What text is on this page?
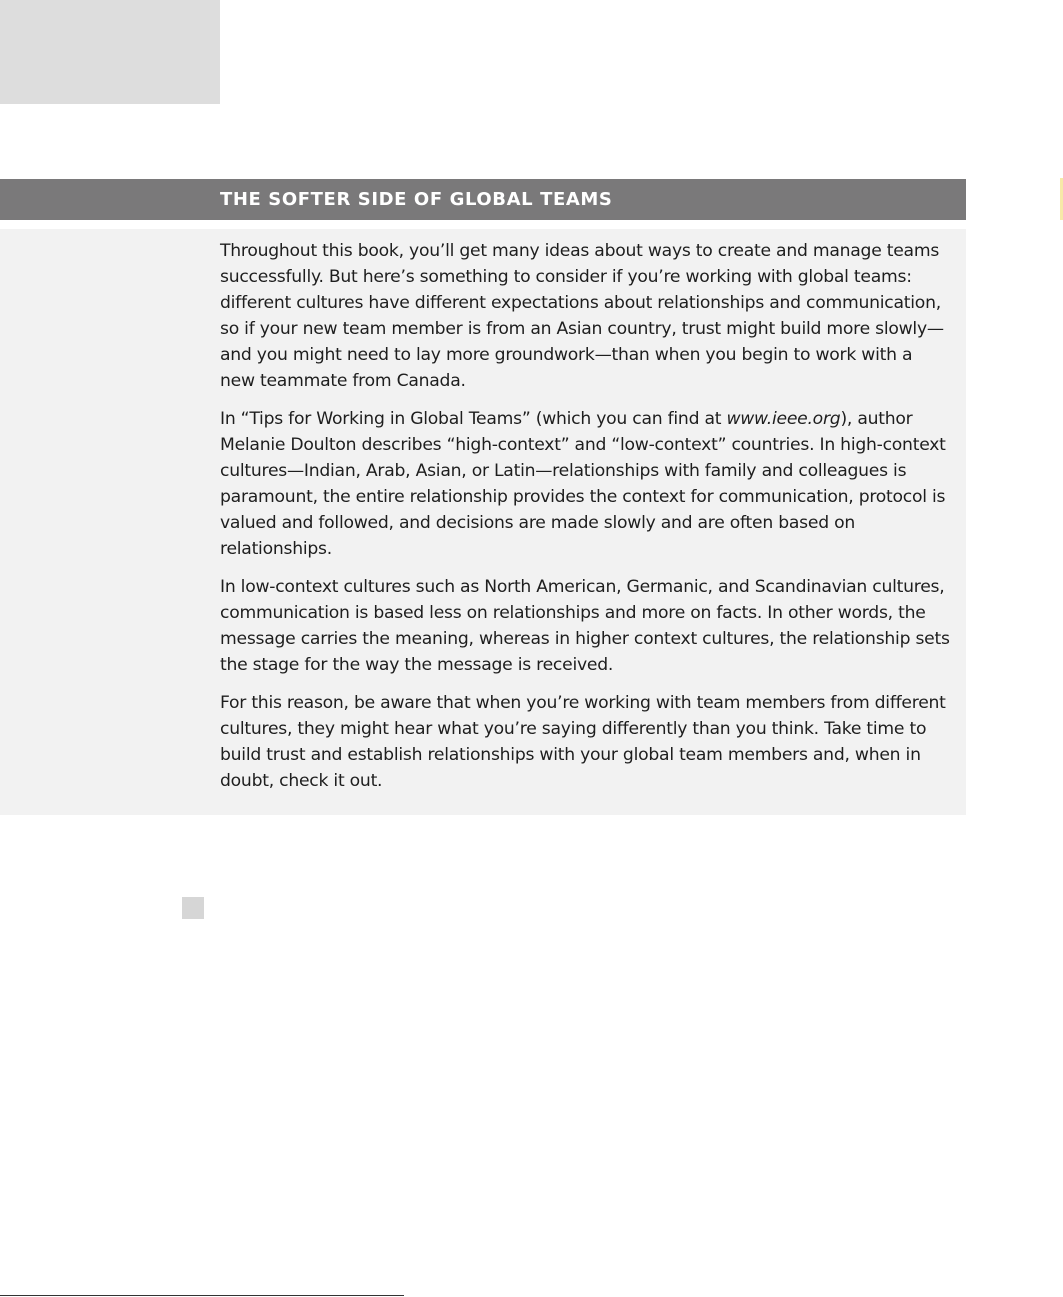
THE SOFTER SIDE OF GLOBAL TEAMS

Throughout this book, you’ll get many ideas about ways to create and manage teams successfully. But here’s something to consider if you’re working with global teams: different cultures have different expectations about relationships and communication, so if your new team member is from an Asian country, trust might build more slowly—and you might need to lay more groundwork—than when you begin to work with a new teammate from Canada.

In “Tips for Working in Global Teams” (which you can find at www.ieee.org), author Melanie Doulton describes “high-context” and “low-context” countries. In high-context cultures—Indian, Arab, Asian, or Latin—relationships with family and colleagues is paramount, the entire relationship provides the context for communication, protocol is valued and followed, and decisions are made slowly and are often based on relationships.

In low-context cultures such as North American, Germanic, and Scandinavian cultures, communication is based less on relationships and more on facts. In other words, the message carries the meaning, whereas in higher context cultures, the relationship sets the stage for the way the message is received.

For this reason, be aware that when you’re working with team members from different cultures, they might hear what you’re saying differently than you think. Take time to build trust and establish relationships with your global team members and, when in doubt, check it out.
